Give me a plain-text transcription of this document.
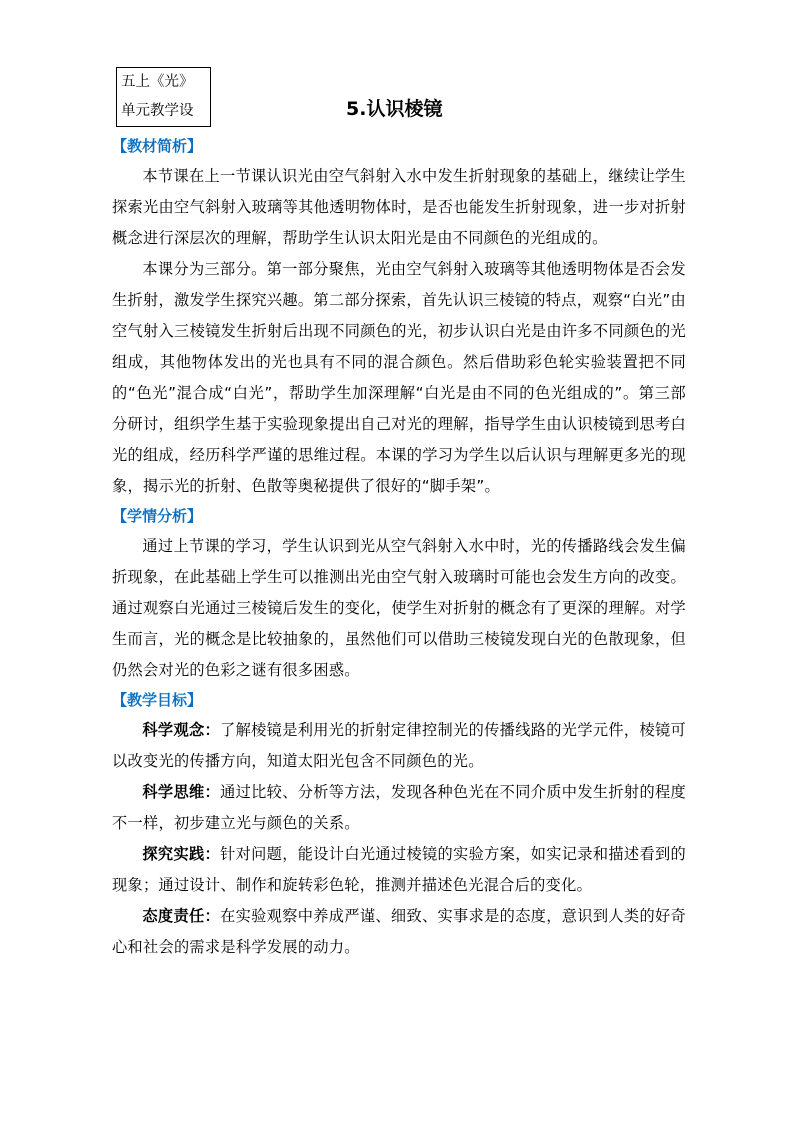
五上《光》
单元教学设	5.认识棱镜
【教材简析】

本节课在上一节课认识光由空气斜射入水中发生折射现象的基础上，继续让学生探索光由空气斜射入玻璃等其他透明物体时，是否也能发生折射现象，进一步对折射概念进行深层次的理解，帮助学生认识太阳光是由不同颜色的光组成的。

本课分为三部分。第一部分聚焦，光由空气斜射入玻璃等其他透明物体是否会发生折射，激发学生探究兴趣。第二部分探索，首先认识三棱镜的特点，观察“白光”由空气射入三棱镜发生折射后出现不同颜色的光，初步认识白光是由许多不同颜色的光组成，其他物体发出的光也具有不同的混合颜色。然后借助彩色轮实验装置把不同的“色光”混合成“白光”，帮助学生加深理解“白光是由不同的色光组成的”。第三部分研讨，组织学生基于实验现象提出自己对光的理解，指导学生由认识棱镜到思考白光的组成，经历科学严谨的思维过程。本课的学习为学生以后认识与理解更多光的现象，揭示光的折射、色散等奥秘提供了很好的“脚手架”。

【学情分析】

通过上节课的学习，学生认识到光从空气斜射入水中时，光的传播路线会发生偏折现象，在此基础上学生可以推测出光由空气射入玻璃时可能也会发生方向的改变。通过观察白光通过三棱镜后发生的变化，使学生对折射的概念有了更深的理解。对学生而言，光的概念是比较抽象的，虽然他们可以借助三棱镜发现白光的色散现象，但仍然会对光的色彩之谜有很多困惑。

【教学目标】

科学观念：了解棱镜是利用光的折射定律控制光的传播线路的光学元件，棱镜可以改变光的传播方向，知道太阳光包含不同颜色的光。

科学思维：通过比较、分析等方法，发现各种色光在不同介质中发生折射的程度不一样，初步建立光与颜色的关系。

探究实践：针对问题，能设计白光通过棱镜的实验方案，如实记录和描述看到的现象；通过设计、制作和旋转彩色轮，推测并描述色光混合后的变化。

态度责任：在实验观察中养成严谨、细致、实事求是的态度，意识到人类的好奇心和社会的需求是科学发展的动力。
